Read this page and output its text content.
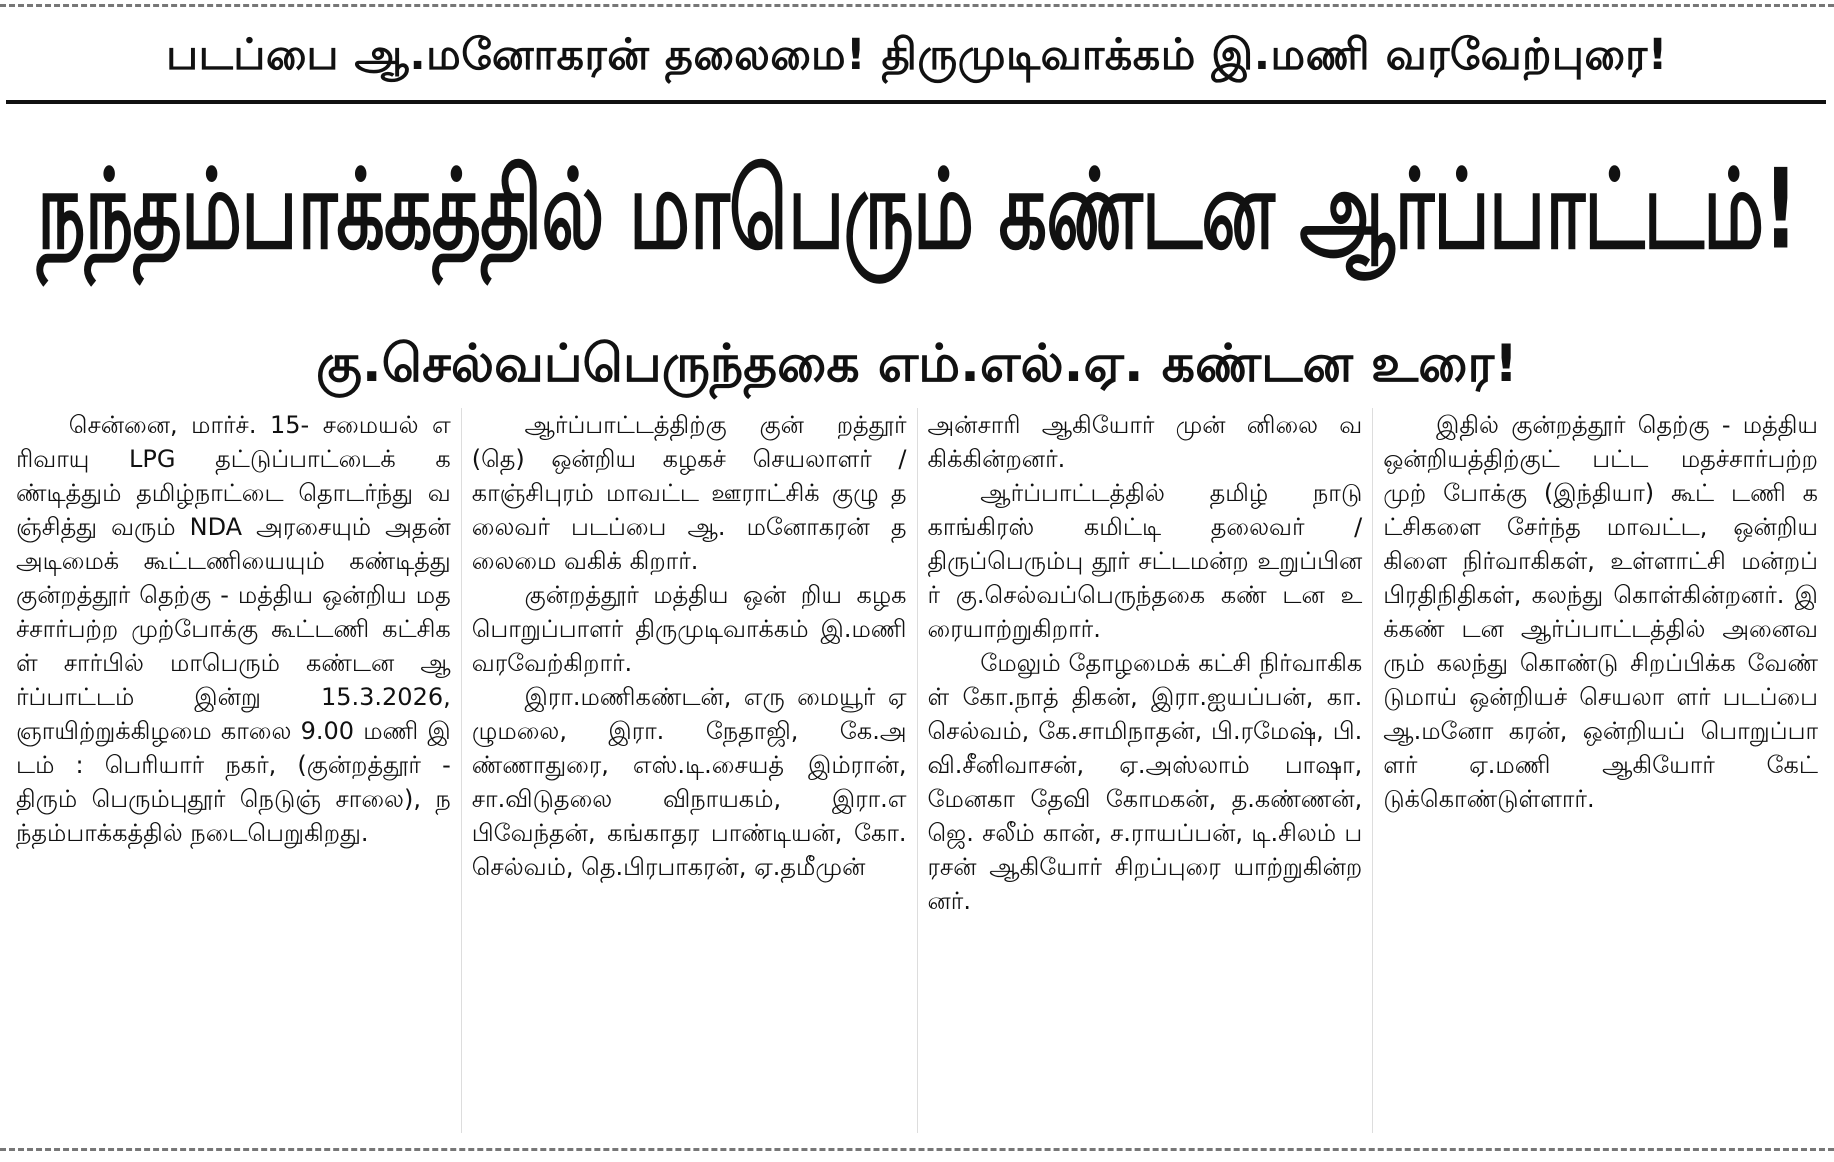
படப்பை ஆ.மனோகரன் தலைமை! திருமுடிவாக்கம் இ.மணி வரவேற்புரை!
நந்தம்பாக்கத்தில் மாபெரும் கண்டன ஆர்ப்பாட்டம்!
கு.செல்வப்பெருந்தகை எம்.எல்.ஏ. கண்டன உரை!

சென்னை, மார்ச். 15- சமையல் எரிவாயு LPG தட்டுப்பாட்டைக் கண்டித்தும் தமிழ்நாட்டை தொடர்ந்து வஞ்சித்து வரும் NDA அரசையும் அதன் அடிமைக் கூட்டணியையும் கண்டித்து குன்றத்தூர் தெற்கு - மத்திய ஒன்றிய மதச்சார்பற்ற முற்போக்கு கூட்டணி கட்சிகள் சார்பில் மாபெரும் கண்டன ஆர்ப்பாட்டம் இன்று 15.3.2026, ஞாயிற்றுக்கிழமை காலை 9.00 மணி இடம் : பெரியார் நகர், (குன்றத்தூர் - திரும் பெரும்புதூர் நெடுஞ் சாலை), நந்தம்பாக்கத்தில் நடைபெறுகிறது.

ஆர்ப்பாட்டத்திற்கு குன் றத்தூர் (தெ) ஒன்றிய கழகச் செயலாளர் / காஞ்சிபுரம் மாவட்ட ஊராட்சிக் குழு தலைவர் படப்பை ஆ. மனோகரன் தலைமை வகிக் கிறார்.

குன்றத்தூர் மத்திய ஒன் றிய கழக பொறுப்பாளர் திருமுடிவாக்கம் இ.மணி வரவேற்கிறார்.

இரா.மணிகண்டன், எரு மையூர் ஏழுமலை, இரா. நேதாஜி, கே.அண்ணாதுரை, எஸ்.டி.சையத் இம்ரான், சா.விடுதலை விநாயகம், இரா.எபிவேந்தன், கங்காதர பாண்டியன், கோ.செல்வம், தெ.பிரபாகரன், ஏ.தமீமுன்

அன்சாரி ஆகியோர் முன் னிலை வகிக்கின்றனர்.

ஆர்ப்பாட்டத்தில் தமிழ் நாடு காங்கிரஸ் கமிட்டி தலைவர் / திருப்பெரும்பு தூர் சட்டமன்ற உறுப்பினர் கு.செல்வப்பெருந்தகை கண் டன உரையாற்றுகிறார்.

மேலும் தோழமைக் கட்சி நிர்வாகிகள் கோ.நாத் திகன், இரா.ஐயப்பன், கா. செல்வம், கே.சாமிநாதன், பி.ரமேஷ், பி.வி.சீனிவாசன், ஏ.அஸ்லாம் பாஷா, மேனகா தேவி கோமகன், த.கண்ணன், ஜெ. சலீம் கான், ச.ராயப்பன், டி.சிலம் பரசன் ஆகியோர் சிறப்புரை யாற்றுகின்றனர்.

இதில் குன்றத்தூர் தெற்கு - மத்திய ஒன்றியத்திற்குட் பட்ட மதச்சார்பற்ற முற் போக்கு (இந்தியா) கூட் டணி கட்சிகளை சேர்ந்த மாவட்ட, ஒன்றிய கிளை நிர்வாகிகள், உள்ளாட்சி மன்றப் பிரதிநிதிகள், கலந்து கொள்கின்றனர். இக்கண் டன ஆர்ப்பாட்டத்தில் அனைவரும் கலந்து கொண்டு சிறப்பிக்க வேண் டுமாய் ஒன்றியச் செயலா ளர் படப்பை ஆ.மனோ கரன், ஒன்றியப் பொறுப்பா ளர் ஏ.மணி ஆகியோர் கேட் டுக்கொண்டுள்ளார்.
